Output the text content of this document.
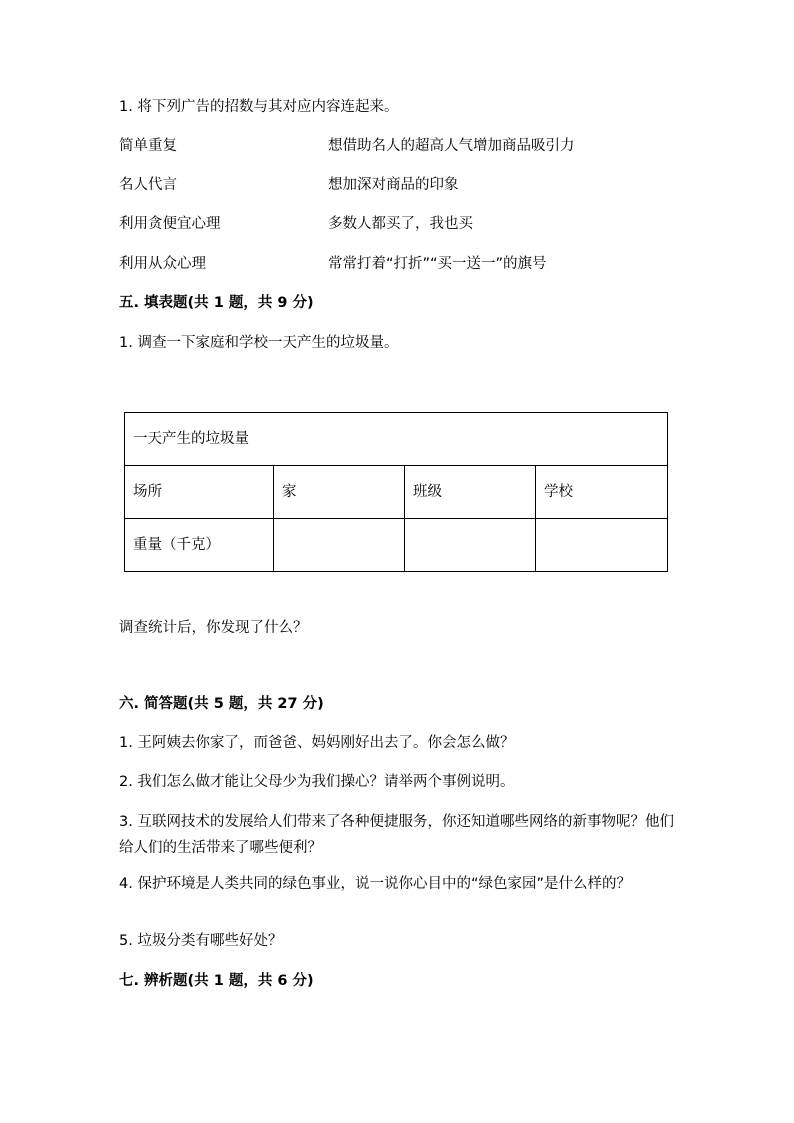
1. 将下列广告的招数与其对应内容连起来。
简单重复	想借助名人的超高人气增加商品吸引力
名人代言	想加深对商品的印象
利用贪便宜心理	多数人都买了，我也买
利用从众心理	常常打着“打折”“买一送一”的旗号
五. 填表题(共 1 题，共 9 分)
1. 调查一下家庭和学校一天产生的垃圾量。
一天产生的垃圾量			
场所	家	班级	学校
重量（千克）			
调查统计后，你发现了什么？
六. 简答题(共 5 题，共 27 分)
1. 王阿姨去你家了，而爸爸、妈妈刚好出去了。你会怎么做？
2. 我们怎么做才能让父母少为我们操心？请举两个事例说明。
3. 互联网技术的发展给人们带来了各种便捷服务，你还知道哪些网络的新事物呢？他们给人们的生活带来了哪些便利？
4. 保护环境是人类共同的绿色事业，说一说你心目中的“绿色家园”是什么样的？
5. 垃圾分类有哪些好处？
七. 辨析题(共 1 题，共 6 分)
